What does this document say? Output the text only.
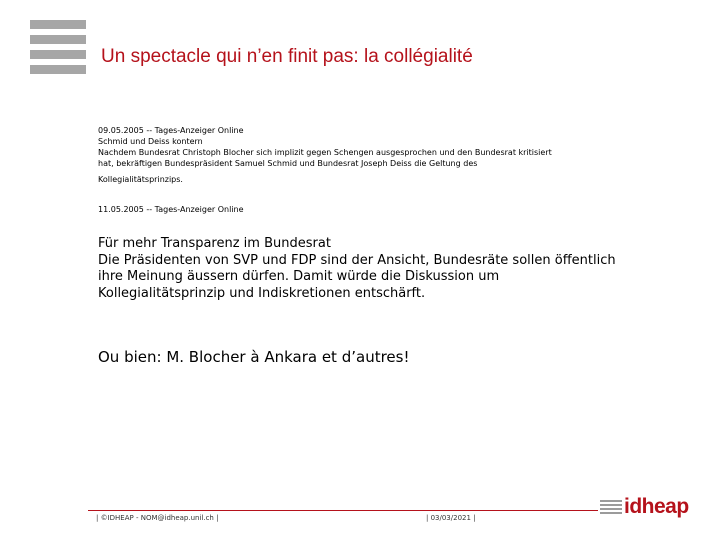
Un spectacle qui n’en finit pas: la collégialité
09.05.2005 -- Tages-Anzeiger Online
Schmid und Deiss kontern
Nachdem Bundesrat Christoph Blocher sich implizit gegen Schengen ausgesprochen und den Bundesrat kritisiert
hat, bekräftigen Bundespräsident Samuel Schmid und Bundesrat Joseph Deiss die Geltung des
Kollegialitätsprinzips.
11.05.2005 -- Tages-Anzeiger Online
Für mehr Transparenz im Bundesrat
Die Präsidenten von SVP und FDP sind der Ansicht, Bundesräte sollen öffentlich
ihre Meinung äussern dürfen. Damit würde die Diskussion um
Kollegialitätsprinzip und Indiskretionen entschärft.
Ou bien: M. Blocher à Ankara et d’autres!
| ©IDHEAP - NOM@idheap.unil.ch |	| 03/03/2021 |	idheap
